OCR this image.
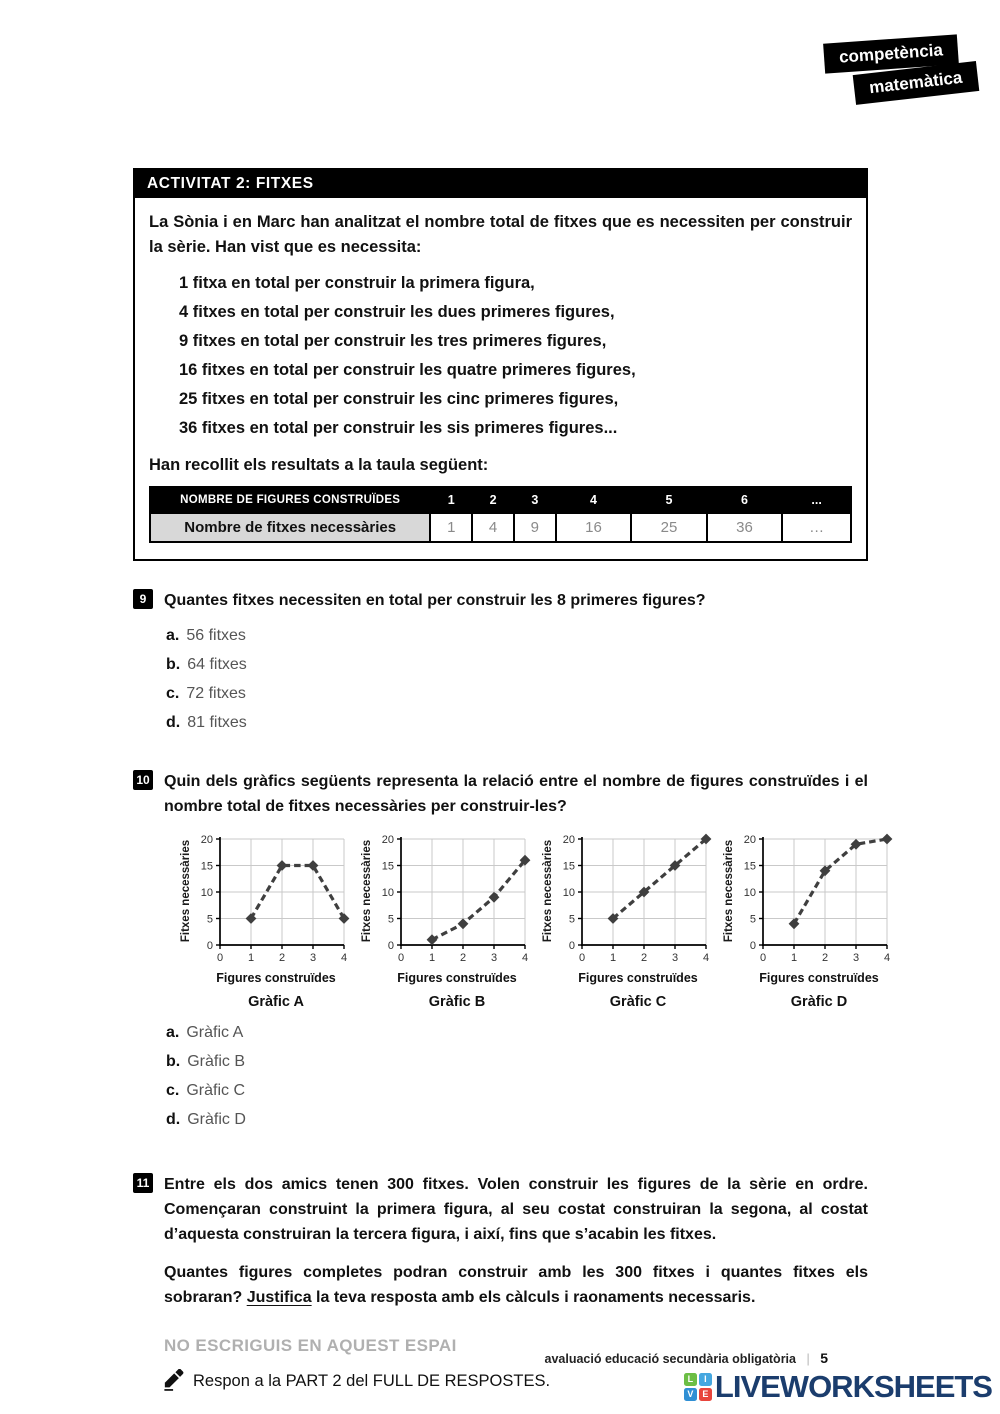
competència
matemàtica
ACTIVITAT 2: FITXES

La Sònia i en Marc han analitzat el nombre total de fitxes que es necessiten per construir la sèrie. Han vist que es necessita:

1 fitxa en total per construir la primera figura,
4 fitxes en total per construir les dues primeres figures,
9 fitxes en total per construir les tres primeres figures,
16 fitxes en total per construir les quatre primeres figures,
25 fitxes en total per construir les cinc primeres figures,
36 fitxes en total per construir les sis primeres figures...

Han recollit els resultats a la taula següent:

NOMBRE DE FIGURES CONSTRUÏDES	1	2	3	4	5	6	...
Nombre de fitxes necessàries	1	4	9	16	25	36	…
9	Quantes fitxes necessiten en total per construir les 8 primeres figures?

a. 56 fitxes
b. 64 fitxes
c. 72 fitxes
d. 81 fitxes
10 Quin dels gràfics següents representa la relació entre el nombre de figures construïdes i el nombre total de fitxes necessàries per construir-les?

0
5
10
15
20
0 1 2 3 4
Fitxes necessàries
Figures construïdes
Gràfic A
0
5
10
15
20
0 1 2 3 4
Fitxes necessàries
Figures construïdes
Gràfic B
0
5
10
15
20
0 1 2 3 4
Fitxes necessàries
Figures construïdes
Gràfic C
0
5
10
15
20
0 1 2 3 4
Fitxes necessàries
Figures construïdes
Gràfic D
a. Gràfic A
b. Gràfic B
c. Gràfic C
d. Gràfic D
11 Entre els dos amics tenen 300 fitxes. Volen construir les figures de la sèrie en ordre. Començaran construint la primera figura, al seu costat construiran la segona, al costat d’aquesta construiran la tercera figura, i així, fins que s’acabin les fitxes.

Quantes figures completes podran construir amb les 300 fitxes i quantes fitxes els sobraran? Justifica la teva resposta amb els càlculs i raonaments necessaris.

NO ESCRIGUIS EN AQUEST ESPAI

Respon a la PART 2 del FULL DE RESPOSTES.

avaluació educació secundària obligatòria | 5
L	I
V E LIVEWORKSHEETS
